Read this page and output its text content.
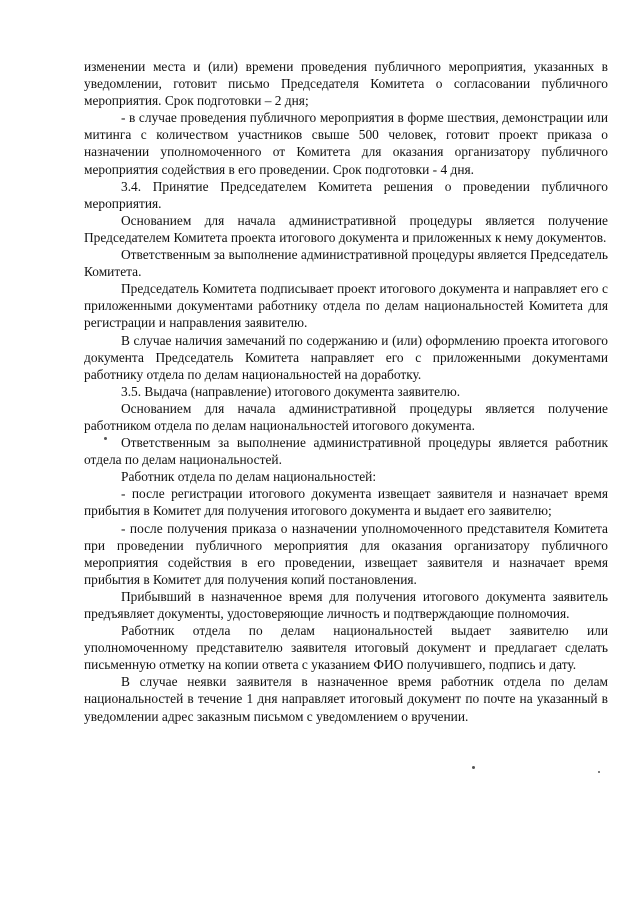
изменении места и (или) времени проведения публичного мероприятия, указанных в уведомлении, готовит письмо Председателя Комитета о согласовании публичного мероприятия. Срок подготовки – 2 дня;

- в случае проведения публичного мероприятия в форме шествия, демонстрации или митинга с количеством участников свыше 500 человек, готовит проект приказа о назначении уполномоченного от Комитета для оказания организатору публичного мероприятия содействия в его проведении. Срок подготовки - 4 дня.

3.4. Принятие Председателем Комитета решения о проведении публичного мероприятия.

Основанием для начала административной процедуры является получение Председателем Комитета проекта итогового документа и приложенных к нему документов.

Ответственным за выполнение административной процедуры является Председатель Комитета.

Председатель Комитета подписывает проект итогового документа и направляет его с приложенными документами работнику отдела по делам национальностей Комитета для регистрации и направления заявителю.

В случае наличия замечаний по содержанию и (или) оформлению проекта итогового документа Председатель Комитета направляет его с приложенными документами работнику отдела по делам национальностей на доработку.

3.5. Выдача (направление) итогового документа заявителю.

Основанием для начала административной процедуры является получение работником отдела по делам национальностей итогового документа.

Ответственным за выполнение административной процедуры является работник отдела по делам национальностей.

Работник отдела по делам национальностей:

- после регистрации итогового документа извещает заявителя и назначает время прибытия в Комитет для получения итогового документа и выдает его заявителю;

- после получения приказа о назначении уполномоченного представителя Комитета при проведении публичного мероприятия для оказания организатору публичного мероприятия содействия в его проведении, извещает заявителя и назначает время прибытия в Комитет для получения копий постановления.

Прибывший в назначенное время для получения итогового документа заявитель предъявляет документы, удостоверяющие личность и подтверждающие полномочия.

Работник отдела по делам национальностей выдает заявителю или уполномоченному представителю заявителя итоговый документ и предлагает сделать письменную отметку на копии ответа с указанием ФИО получившего, подпись и дату.

В случае неявки заявителя в назначенное время работник отдела по делам национальностей в течение 1 дня направляет итоговый документ по почте на указанный в уведомлении адрес заказным письмом с уведомлением о вручении.
